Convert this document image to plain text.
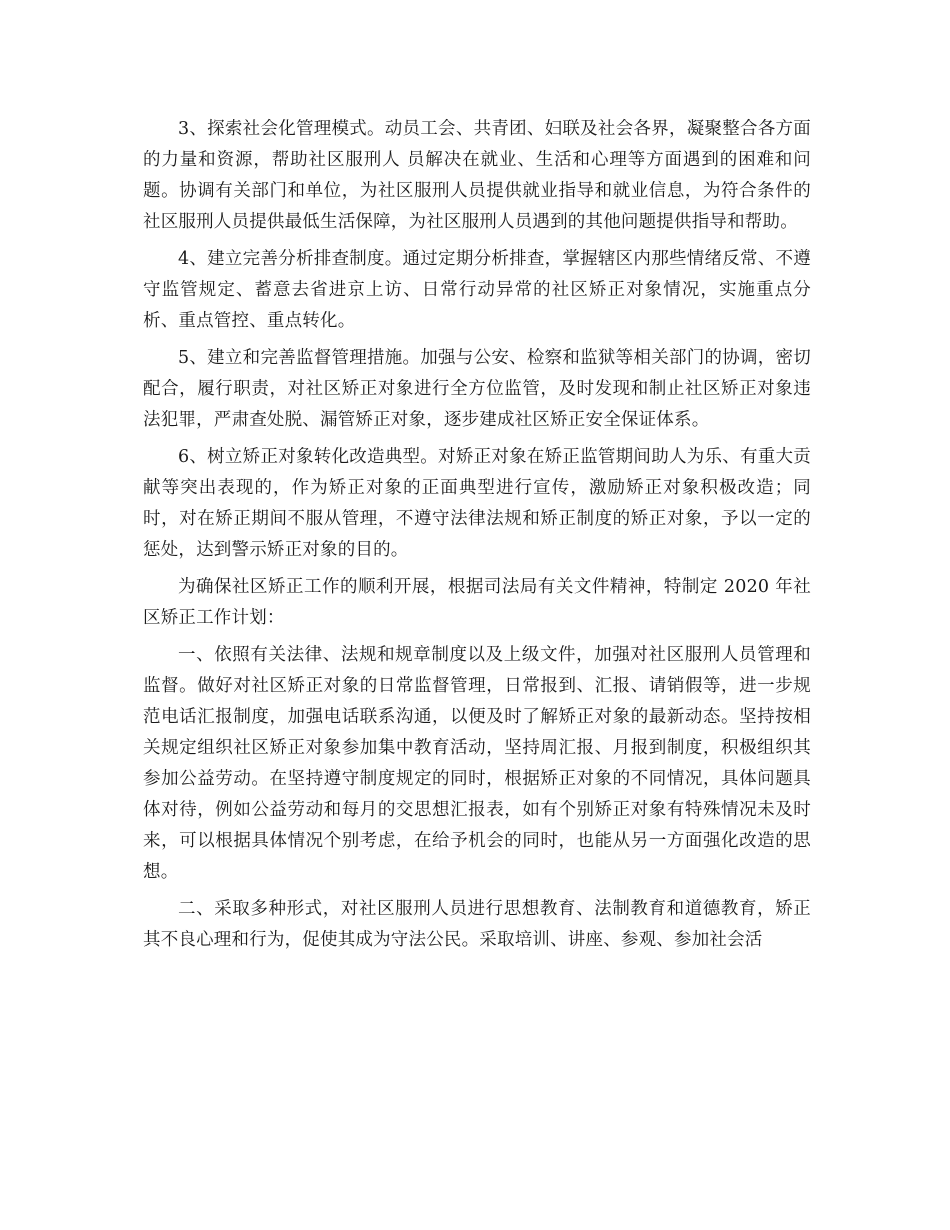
3、探索社会化管理模式。动员工会、共青团、妇联及社会各界，凝聚整合各方面的力量和资源，帮助社区服刑人 员解决在就业、生活和心理等方面遇到的困难和问题。协调有关部门和单位，为社区服刑人员提供就业指导和就业信息，为符合条件的社区服刑人员提供最低生活保障，为社区服刑人员遇到的其他问题提供指导和帮助。

4、建立完善分析排查制度。通过定期分析排查，掌握辖区内那些情绪反常、不遵守监管规定、蓄意去省进京上访、日常行动异常的社区矫正对象情况，实施重点分析、重点管控、重点转化。

5、建立和完善监督管理措施。加强与公安、检察和监狱等相关部门的协调，密切配合，履行职责，对社区矫正对象进行全方位监管，及时发现和制止社区矫正对象违法犯罪，严肃查处脱、漏管矫正对象，逐步建成社区矫正安全保证体系。

6、树立矫正对象转化改造典型。对矫正对象在矫正监管期间助人为乐、有重大贡献等突出表现的，作为矫正对象的正面典型进行宣传，激励矫正对象积极改造；同时，对在矫正期间不服从管理，不遵守法律法规和矫正制度的矫正对象，予以一定的惩处，达到警示矫正对象的目的。

为确保社区矫正工作的顺利开展，根据司法局有关文件精神，特制定 2020 年社区矫正工作计划：

一、依照有关法律、法规和规章制度以及上级文件，加强对社区服刑人员管理和监督。做好对社区矫正对象的日常监督管理，日常报到、汇报、请销假等，进一步规范电话汇报制度，加强电话联系沟通，以便及时了解矫正对象的最新动态。坚持按相关规定组织社区矫正对象参加集中教育活动，坚持周汇报、月报到制度，积极组织其参加公益劳动。在坚持遵守制度规定的同时，根据矫正对象的不同情况，具体问题具体对待，例如公益劳动和每月的交思想汇报表，如有个别矫正对象有特殊情况未及时来，可以根据具体情况个别考虑，在给予机会的同时，也能从另一方面强化改造的思想。

二、采取多种形式，对社区服刑人员进行思想教育、法制教育和道德教育，矫正其不良心理和行为，促使其成为守法公民。采取培训、讲座、参观、参加社会活
